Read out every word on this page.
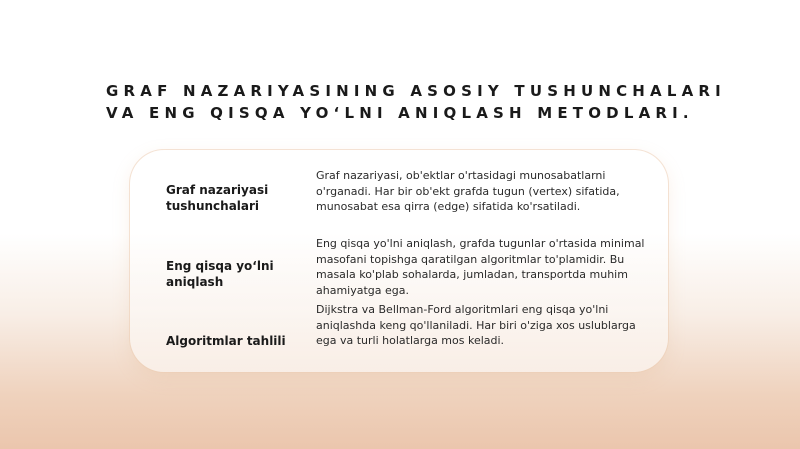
GRAF NAZARIYASINING ASOSIY TUSHUNCHALARI
VA ENG QISQA YO‘LNI ANIQLASH METODLARI.

Graf nazariyasi tushunchalari

Graf nazariyasi, ob'ektlar o'rtasidagi munosabatlarni o'rganadi. Har bir ob'ekt grafda tugun (vertex) sifatida, munosabat esa qirra (edge) sifatida ko'rsatiladi.

Eng qisqa yo‘lni aniqlash

Eng qisqa yo'lni aniqlash, grafda tugunlar o'rtasida minimal masofani topishga qaratilgan algoritmlar to'plamidir. Bu masala ko'plab sohalarda, jumladan, transportda muhim ahamiyatga ega.

Algoritmlar tahlili

Dijkstra va Bellman-Ford algoritmlari eng qisqa yo'lni aniqlashda keng qo'llaniladi. Har biri o'ziga xos uslublarga ega va turli holatlarga mos keladi.
